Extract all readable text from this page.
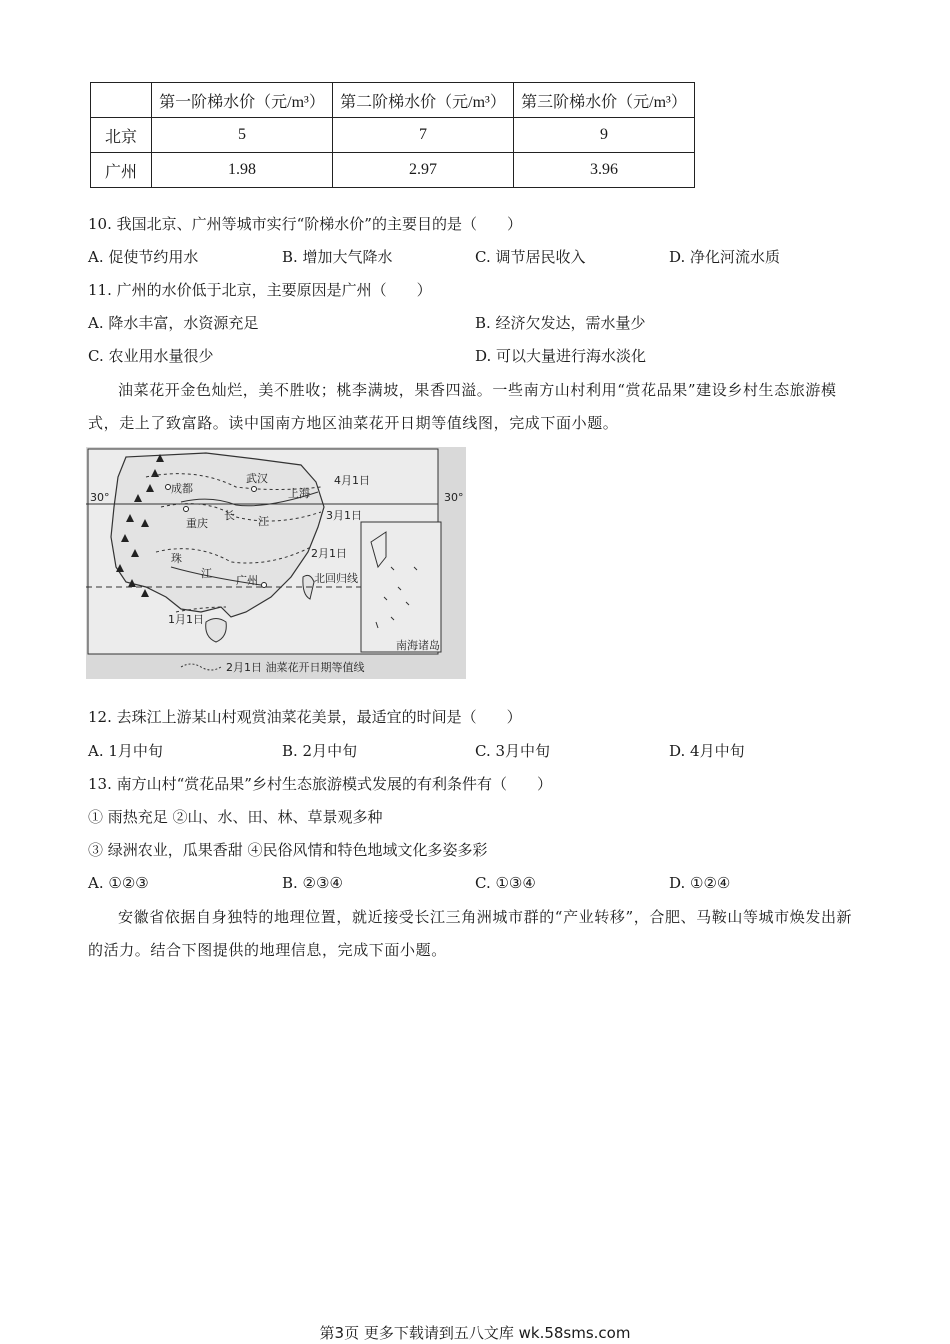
	第一阶梯水价（元/m³）	第二阶梯水价（元/m³）	第三阶梯水价（元/m³）
北京	5	7	9
广州	1.98	2.97	3.96
10. 我国北京、广州等城市实行“阶梯水价”的主要目的是（　　）
A. 促使节约用水	B. 增加大气降水	C. 调节居民收入	D. 净化河流水质
11. 广州的水价低于北京，主要原因是广州（　　）
A. 降水丰富，水资源充足	B. 经济欠发达，需水量少
C. 农业用水量很少	D. 可以大量进行海水淡化
油菜花开金色灿烂，美不胜收；桃李满坡，果香四溢。一些南方山村利用“赏花品果”建设乡村生态旅游模式，走上了致富路。读中国南方地区油菜花开日期等值线图，完成下面小题。
成都
武汉
上海
重庆
长 江
珠
江
广州	北回归线
4月1日
3月1日
2月1日
1月1日
30°	30°
南海诸岛
2月1日 油菜花开日期等值线
12. 去珠江上游某山村观赏油菜花美景，最适宜的时间是（　　）
A. 1月中旬	B. 2月中旬	C. 3月中旬	D. 4月中旬
13. 南方山村“赏花品果”乡村生态旅游模式发展的有利条件有（　　）
① 雨热充足 ②山、水、田、林、草景观多种
③ 绿洲农业，瓜果香甜 ④民俗风情和特色地域文化多姿多彩
A. ①②③	B. ②③④	C. ①③④	D. ①②④
安徽省依据自身独特的地理位置，就近接受长江三角洲城市群的“产业转移”，合肥、马鞍山等城市焕发出新的活力。结合下图提供的地理信息，完成下面小题。
第3页 更多下载请到五八文库 wk.58sms.com
